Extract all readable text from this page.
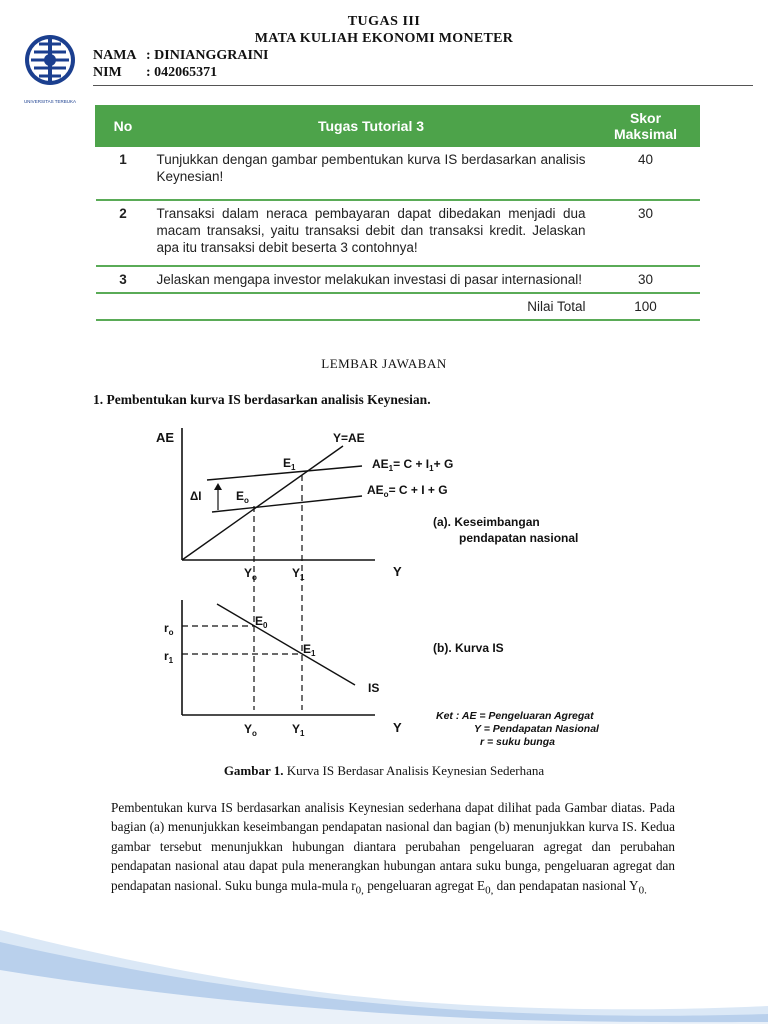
UNIVERSITAS TERBUKA
TUGAS III
MATA KULIAH EKONOMI MONETER
NAMA : DINIANGGRAINI
NIM : 042065371
No	Tugas Tutorial 3	Skor
Maksimal

1	Tunjukkan dengan gambar pembentukan kurva IS berdasarkan analisis Keynesian!	40
2	Transaksi dalam neraca pembayaran dapat dibedakan menjadi dua macam transaksi, yaitu transaksi debit dan transaksi kredit. Jelaskan apa itu transaksi debit beserta 3 contohnya!	30
3	Jelaskan mengapa investor melakukan investasi di pasar internasional!	30
	Nilai Total	100
LEMBAR JAWABAN
1. Pembentukan kurva IS berdasarkan analisis Keynesian.
AE	Y=AE
$E_1$
ΔI	$E_o$
$AE_1= C + I_1+ G$
$AE_o= C + I + G$
(a). Keseimbangan
pendapatan nasional
$Y_o$	$Y_1$	Y
$r_o$
$r_1$
$E_0$
$E_1$
IS
(b). Kurva IS
$Y_o$	$Y_1$	Y
Ket : AE = Pengeluaran Agregat
Y = Pendapatan Nasional
r = suku bunga
Gambar 1. Kurva IS Berdasar Analisis Keynesian Sederhana
Pembentukan kurva IS berdasarkan analisis Keynesian sederhana dapat dilihat pada Gambar diatas. Pada bagian (a) menunjukkan keseimbangan pendapatan nasional dan bagian (b) menunjukkan kurva IS. Kedua gambar tersebut menunjukkan hubungan diantara perubahan pengeluaran agregat dan perubahan pendapatan nasional atau dapat pula menerangkan hubungan antara suku bunga, pengeluaran agregat dan pendapatan nasional. Suku bunga mula-mula $r_{0,}$ pengeluaran agregat $E_{0,}$ dan pendapatan nasional $Y_{0.}$
